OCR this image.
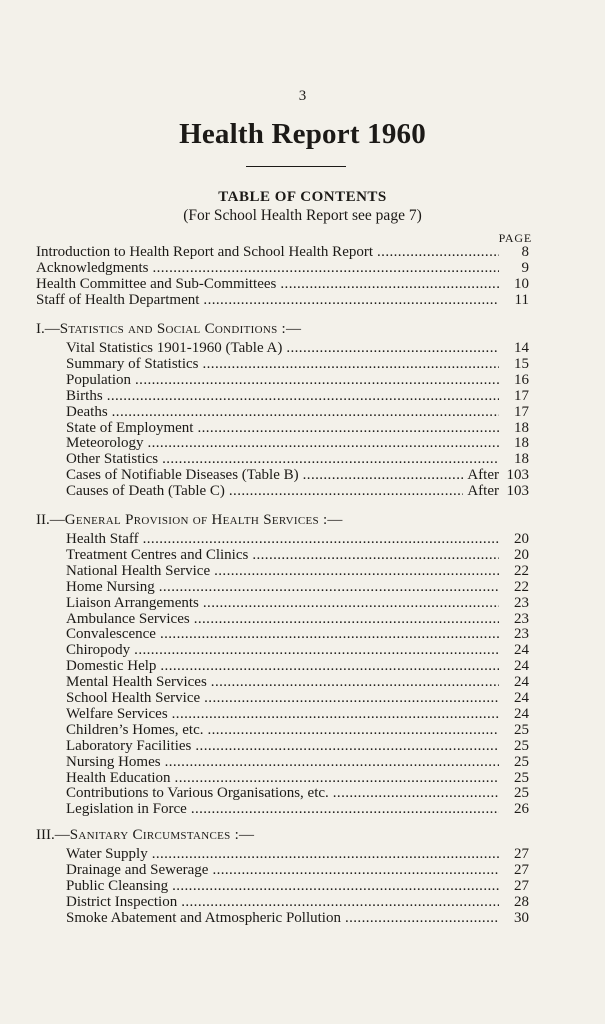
3
Health Report 1960
TABLE OF CONTENTS
(For School Health Report see page 7)
PAGE
Introduction to Health Report and School Health Report .....	8
Acknowledgments .....	9
Health Committee and Sub-Committees .....	10
Staff of Health Department .....	11
I.—Statistics and Social Conditions :—
Vital Statistics 1901-1960 (Table A) .....	14
Summary of Statistics .....	15
Population .....	16
Births .....	17
Deaths .....	17
State of Employment .....	18
Meteorology .....	18
Other Statistics .....	18
Cases of Notifiable Diseases (Table B) .....	After 103
Causes of Death (Table C) .....	After 103
II.—General Provision of Health Services :—
Health Staff .....	20
Treatment Centres and Clinics .....	20
National Health Service .....	22
Home Nursing .....	22
Liaison Arrangements .....	23
Ambulance Services .....	23
Convalescence .....	23
Chiropody .....	24
Domestic Help .....	24
Mental Health Services .....	24
School Health Service .....	24
Welfare Services .....	24
Children’s Homes, etc. .....	25
Laboratory Facilities .....	25
Nursing Homes .....	25
Health Education .....	25
Contributions to Various Organisations, etc. .....	25
Legislation in Force .....	26
III.—Sanitary Circumstances :—
Water Supply .....	27
Drainage and Sewerage .....	27
Public Cleansing .....	27
District Inspection .....	28
Smoke Abatement and Atmospheric Pollution .....	30
